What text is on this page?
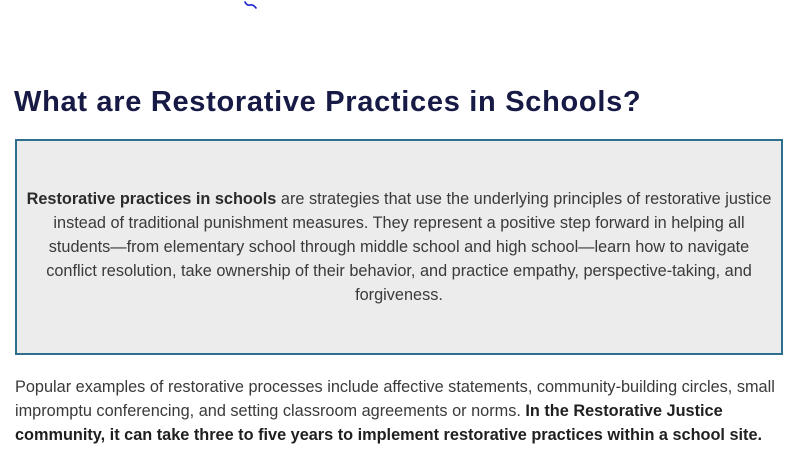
What are Restorative Practices in Schools?

Restorative practices in schools are strategies that use the underlying principles of restorative justice instead of traditional punishment measures. They represent a positive step forward in helping all students—from elementary school through middle school and high school—learn how to navigate conflict resolution, take ownership of their behavior, and practice empathy, perspective-taking, and forgiveness.

Popular examples of restorative processes include affective statements, community-building circles, small impromptu conferencing, and setting classroom agreements or norms. In the Restorative Justice community, it can take three to five years to implement restorative practices within a school site.
